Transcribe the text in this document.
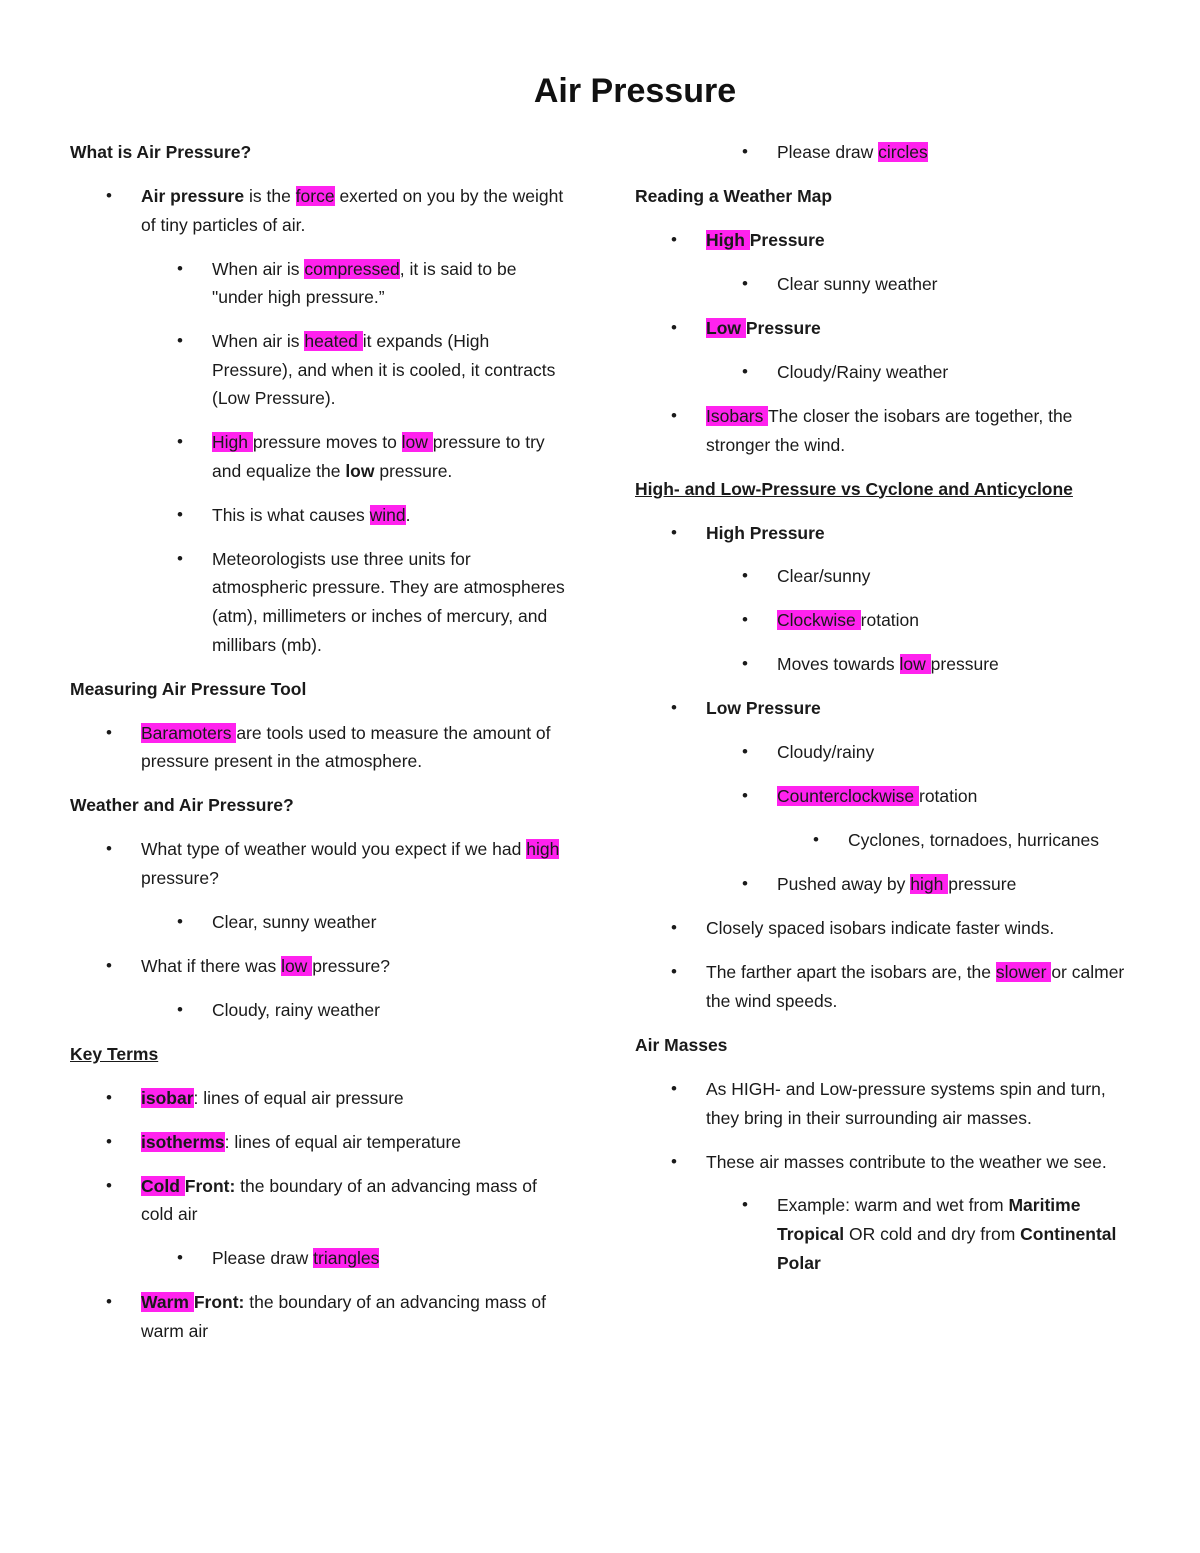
Air Pressure
What is Air Pressure?
• Air pressure is the force exerted on you by the weight of tiny particles of air.
• When air is compressed, it is said to be "under high pressure.”
• When air is heated it expands (High Pressure), and when it is cooled, it contracts (Low Pressure).
• High pressure moves to low pressure to try and equalize the low pressure.
• This is what causes wind.
• Meteorologists use three units for atmospheric pressure. They are atmospheres (atm), millimeters or inches of mercury, and millibars (mb).
Measuring Air Pressure Tool
• Baramoters are tools used to measure the amount of pressure present in the atmosphere.
Weather and Air Pressure?
• What type of weather would you expect if we had high pressure?
• Clear, sunny weather
• What if there was low pressure?
• Cloudy, rainy weather
Key Terms
• isobar: lines of equal air pressure
• isotherms: lines of equal air temperature
• Cold Front: the boundary of an advancing mass of cold air
• Please draw triangles
• Warm Front: the boundary of an advancing mass of warm air
• Please draw circles
Reading a Weather Map
• High Pressure
• Clear sunny weather
• Low Pressure
• Cloudy/Rainy weather
• Isobars The closer the isobars are together, the stronger the wind.
High- and Low-Pressure vs Cyclone and Anticyclone
• High Pressure
• Clear/sunny
• Clockwise rotation
• Moves towards low pressure
• Low Pressure
• Cloudy/rainy
• Counterclockwise rotation
• Cyclones, tornadoes, hurricanes
• Pushed away by high pressure
• Closely spaced isobars indicate faster winds.
• The farther apart the isobars are, the slower or calmer the wind speeds.
Air Masses
• As HIGH- and Low-pressure systems spin and turn, they bring in their surrounding air masses.
• These air masses contribute to the weather we see.
• Example: warm and wet from Maritime Tropical OR cold and dry from Continental Polar
